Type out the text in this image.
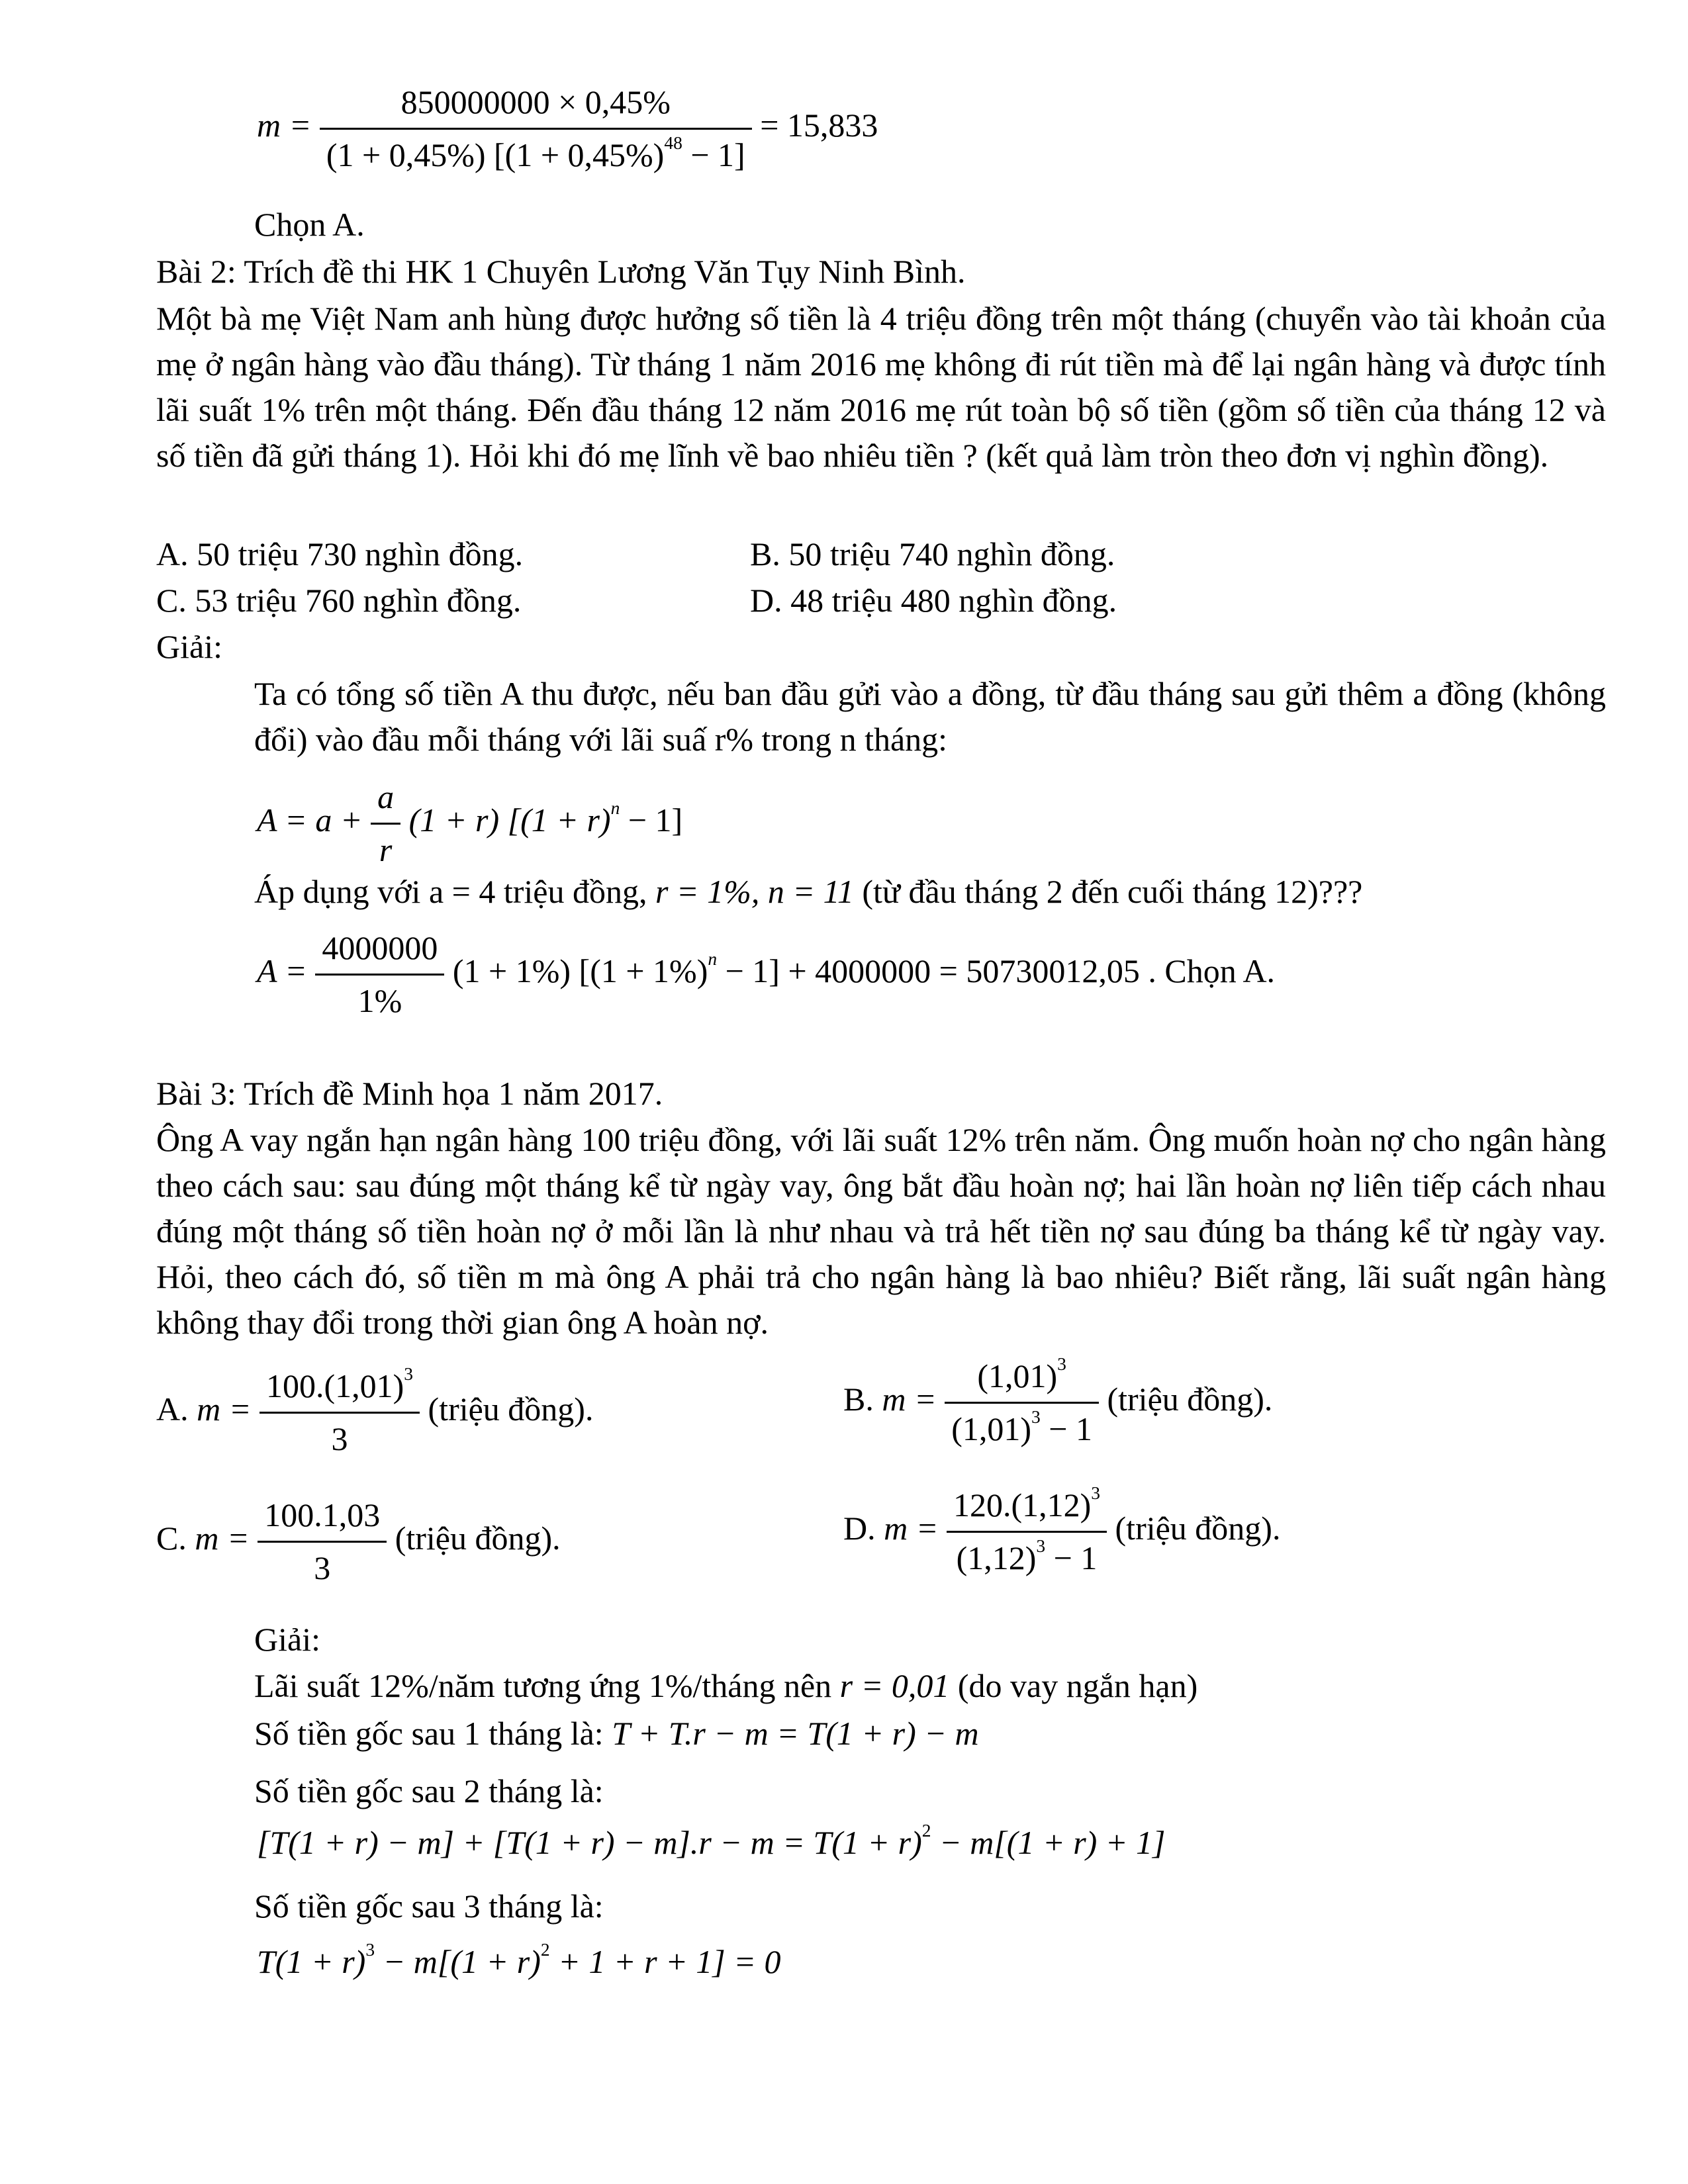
$m = \frac{850000000 \times 0,45\%}{(1 + 0,45\%) [(1 + 0,45\%)^{48} - 1]} = 15,833$
Chọn A.
Bài 2: Trích đề thi HK 1 Chuyên Lương Văn Tụy Ninh Bình.
Một bà mẹ Việt Nam anh hùng được hưởng số tiền là 4 triệu đồng trên một tháng (chuyển vào tài khoản của mẹ ở ngân hàng vào đầu tháng). Từ tháng 1 năm 2016 mẹ không đi rút tiền mà để lại ngân hàng và được tính lãi suất 1% trên một tháng. Đến đầu tháng 12 năm 2016 mẹ rút toàn bộ số tiền (gồm số tiền của tháng 12 và số tiền đã gửi tháng 1). Hỏi khi đó mẹ lĩnh về bao nhiêu tiền ? (kết quả làm tròn theo đơn vị nghìn đồng).
A. 50 triệu 730 nghìn đồng.	B. 50 triệu 740 nghìn đồng.
C. 53 triệu 760 nghìn đồng.	D. 48 triệu 480 nghìn đồng.
Giải:
Ta có tổng số tiền A thu được, nếu ban đầu gửi vào a đồng, từ đầu tháng sau gửi thêm a đồng (không đổi) vào đầu mỗi tháng với lãi suấ r% trong n tháng:
$A = a + \frac{a}{r} (1 + r) [(1 + r)^n - 1]$
Áp dụng với a = 4 triệu đồng, r = 1%, n = 11 (từ đầu tháng 2 đến cuối tháng 12)???
$A = \frac{4000000}{1\%} (1 + 1\%) [(1 + 1\%)^n - 1] + 4000000 = 50730012,05$ . Chọn A.
Bài 3: Trích đề Minh họa 1 năm 2017.
Ông A vay ngắn hạn ngân hàng 100 triệu đồng, với lãi suất 12% trên năm. Ông muốn hoàn nợ cho ngân hàng theo cách sau: sau đúng một tháng kể từ ngày vay, ông bắt đầu hoàn nợ; hai lần hoàn nợ liên tiếp cách nhau đúng một tháng số tiền hoàn nợ ở mỗi lần là như nhau và trả hết tiền nợ sau đúng ba tháng kể từ ngày vay. Hỏi, theo cách đó, số tiền m mà ông A phải trả cho ngân hàng là bao nhiêu? Biết rằng, lãi suất ngân hàng không thay đổi trong thời gian ông A hoàn nợ.
A. $m = \frac{100.(1,01)^3}{3}$ (triệu đồng).	B. $m = \frac{(1,01)^3}{(1,01)^3 - 1}$ (triệu đồng).
C. $m = \frac{100.1,03}{3}$ (triệu đồng).	D. $m = \frac{120.(1,12)^3}{(1,12)^3 - 1}$ (triệu đồng).
Giải:
Lãi suất 12%/năm tương ứng 1%/tháng nên r = 0,01 (do vay ngắn hạn)
Số tiền gốc sau 1 tháng là: T + T.r − m = T(1 + r) − m
Số tiền gốc sau 2 tháng là:
$[T(1 + r) - m] + [T(1 + r) - m].r - m = T(1 + r)^2 - m[(1 + r) + 1]$
Số tiền gốc sau 3 tháng là:
$T(1 + r)^3 - m[(1 + r)^2 + 1 + r + 1] = 0$
